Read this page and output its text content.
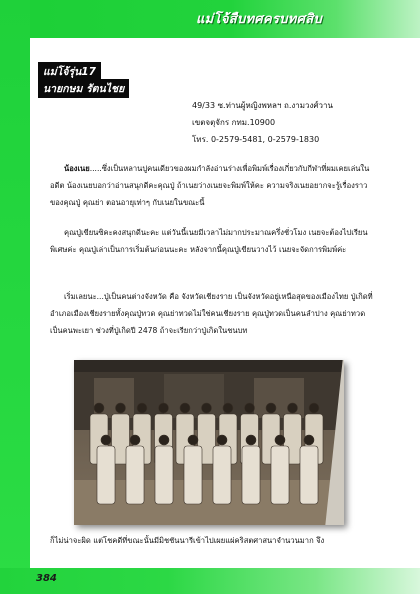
แม่โจ้สืบทศครบทศสิบ
แม่โจ้รุ่น17
นายกษม รัตนไชย
49/33 ซ.ท่านผู้หญิงพหลฯ ถ.งามวงศ์วาน
เขตจตุจักร กทม.10900
โทร. 0-2579-5481, 0-2579-1830
น้องเนย.....ซึ่งเป็นหลานปูคนเดียวของผมกำลังอ่านร่างเพื่อพิมพ์เรื่องเกี่ยวกับกีฬาที่ผมเคยเล่นในอดีต น้องเนยบอกว่าอ่านสนุกดีคะคุณปู่ ถ้าเนยว่างเนยจะพิมพ์ให้คะ ความจริงเนยอยากจะรู้เรื่องราวของคุณปู่ คุณย่า ตอนอายุเท่าๆ กับเนยในขณะนี้
คุณปู่เขียนซิคะคงสนุกดีนะคะ แต่วันนี้เนยมีเวลาไม่มากประมาณครึ่งชั่วโมง เนยจะต้องไปเรียนพิเศษค่ะ คุณปู่เล่าเป็นการเริ่มต้นก่อนนะคะ หลังจากนี้คุณปู่เขียนวางไว้ เนยจะจัดการพิมพ์ค่ะ
เริ่มเลยนะ...ปู่เป็นคนต่างจังหวัด คือ จังหวัดเชียงราย เป็นจังหวัดอยู่เหนือสุดของเมืองไทย ปู่เกิดที่อำเภอเมืองเชียงรายทั้งคุณปู่ทวด คุณย่าทวดไม่ใช่คนเชียงราย คุณปู่ทวดเป็นคนลำปาง คุณย่าทวดเป็นคนพะเยา ช่วงที่ปู่เกิดปี 2478 ถ้าจะเรียกว่าปู่เกิดในชนบท
ก็ไม่น่าจะผิด แต่โชคดีที่ขณะนั้นมีมิชชันนารีเข้าไปเผยแผ่คริสตศาสนาจำนวนมาก จึง
384
